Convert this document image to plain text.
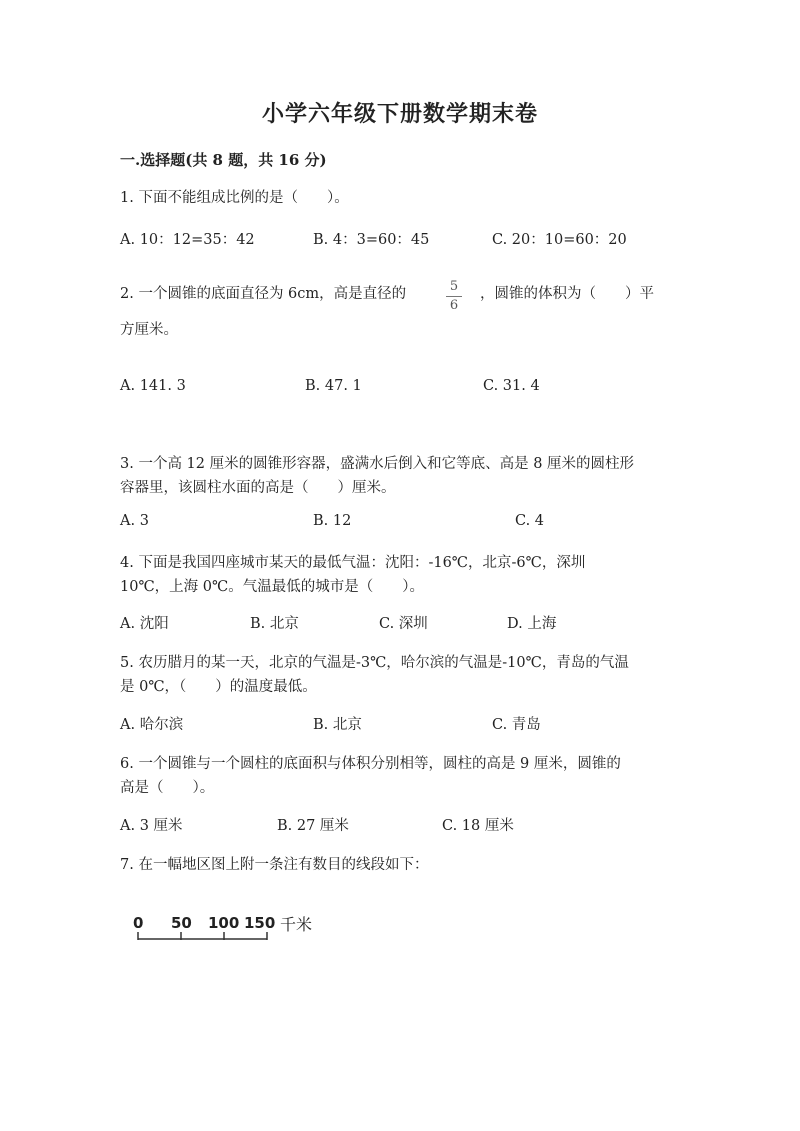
小学六年级下册数学期末卷
一.选择题(共 8 题，共 16 分)
1. 下面不能组成比例的是（　　）。
A. 10：12=35：42	B. 4：3=60：45	C. 20：10=60：20
2. 一个圆锥的底面直径为 6cm，高是直径的	5
6
，圆锥的体积为（　　）平
方厘米。
A. 141. 3	B. 47. 1	C. 31. 4
3. 一个高 12 厘米的圆锥形容器，盛满水后倒入和它等底、高是 8 厘米的圆柱形
容器里，该圆柱水面的高是（　　）厘米。
A. 3	B. 12	C. 4
4. 下面是我国四座城市某天的最低气温：沈阳：-16℃，北京-6℃，深圳
10℃，上海 0℃。气温最低的城市是（　　）。
A. 沈阳	B. 北京	C. 深圳	D. 上海
5. 农历腊月的某一天，北京的气温是-3℃，哈尔滨的气温是-10℃，青岛的气温
是 0℃，（　　）的温度最低。
A. 哈尔滨	B. 北京	C. 青岛
6. 一个圆锥与一个圆柱的底面积与体积分别相等，圆柱的高是 9 厘米，圆锥的
高是（　　）。
A. 3 厘米	B. 27 厘米	C. 18 厘米
7. 在一幅地区图上附一条注有数目的线段如下：
0 50 100 150 千米
